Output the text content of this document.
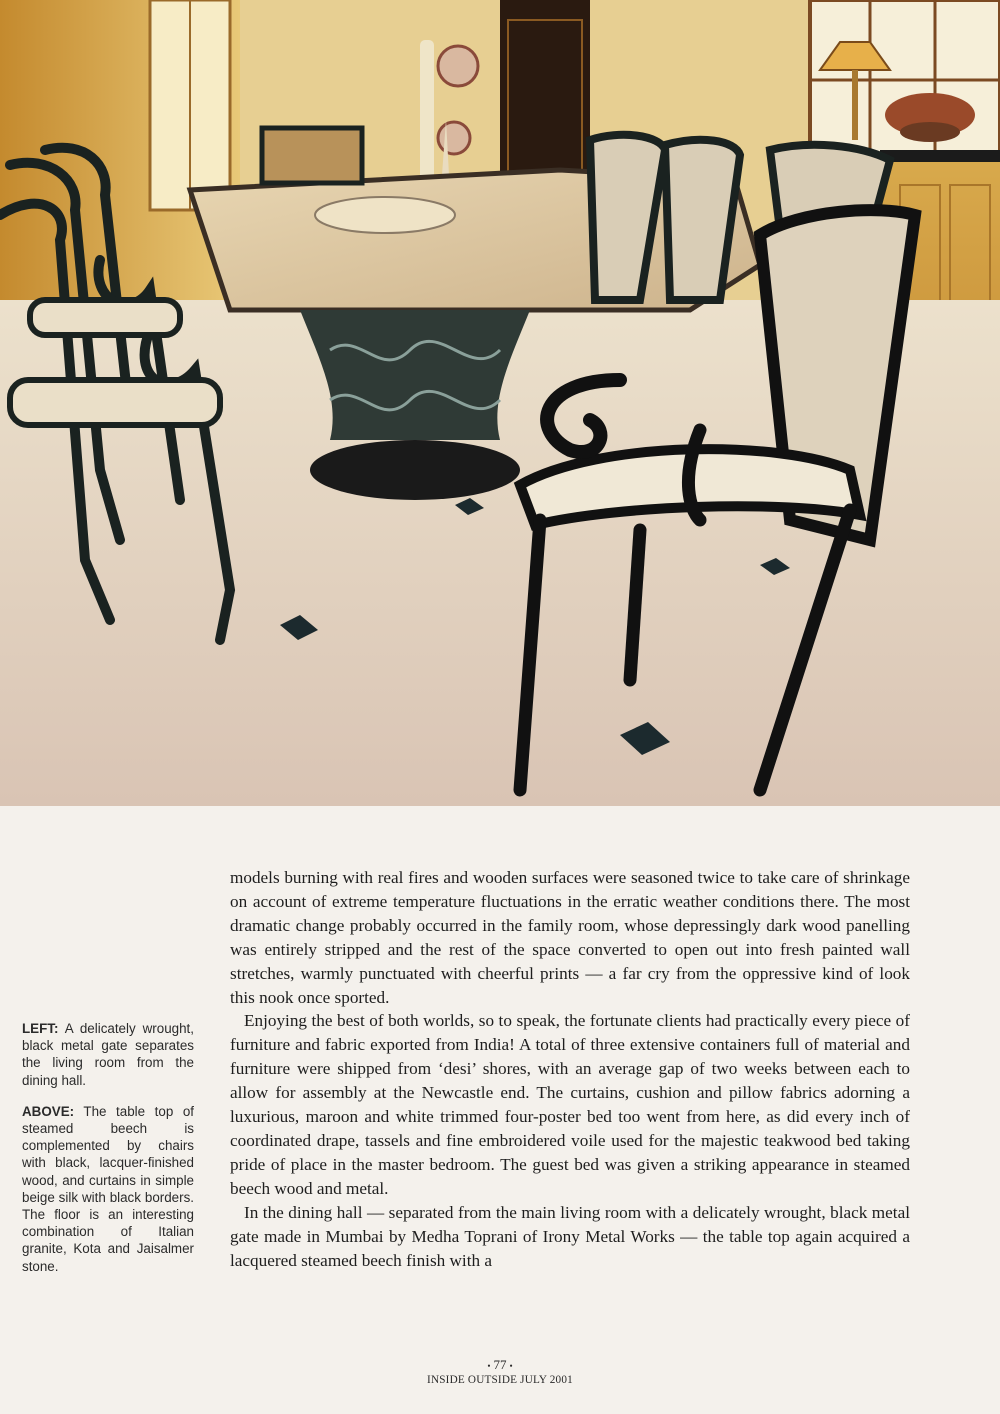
LEFT: A delicately wrought, black metal gate separates the living room from the dining hall.

ABOVE: The table top of steamed beech is complemented by chairs with black, lacquer-finished wood, and curtains in simple beige silk with black borders. The floor is an interesting combination of Italian granite, Kota and Jaisalmer stone.

models burning with real fires and wooden surfaces were seasoned twice to take care of shrinkage on account of extreme temperature fluctuations in the erratic weather conditions there. The most dramatic change probably occurred in the family room, whose depressingly dark wood panelling was entirely stripped and the rest of the space converted to open out into fresh painted wall stretches, warmly punctuated with cheerful prints — a far cry from the oppressive kind of look this nook once sported.

Enjoying the best of both worlds, so to speak, the fortunate clients had practically every piece of furniture and fabric exported from India! A total of three extensive containers full of material and furniture were shipped from ‘desi’ shores, with an average gap of two weeks between each to allow for assembly at the Newcastle end. The curtains, cushion and pillow fabrics adorning a luxurious, maroon and white trimmed four-poster bed too went from here, as did every inch of coordinated drape, tassels and fine embroidered voile used for the majestic teakwood bed taking pride of place in the master bedroom. The guest bed was given a striking appearance in steamed beech wood and metal.

In the dining hall — separated from the main living room with a delicately wrought, black metal gate made in Mumbai by Medha Toprani of Irony Metal Works — the table top again acquired a lacquered steamed beech finish with a

• 77 •
INSIDE OUTSIDE JULY 2001
